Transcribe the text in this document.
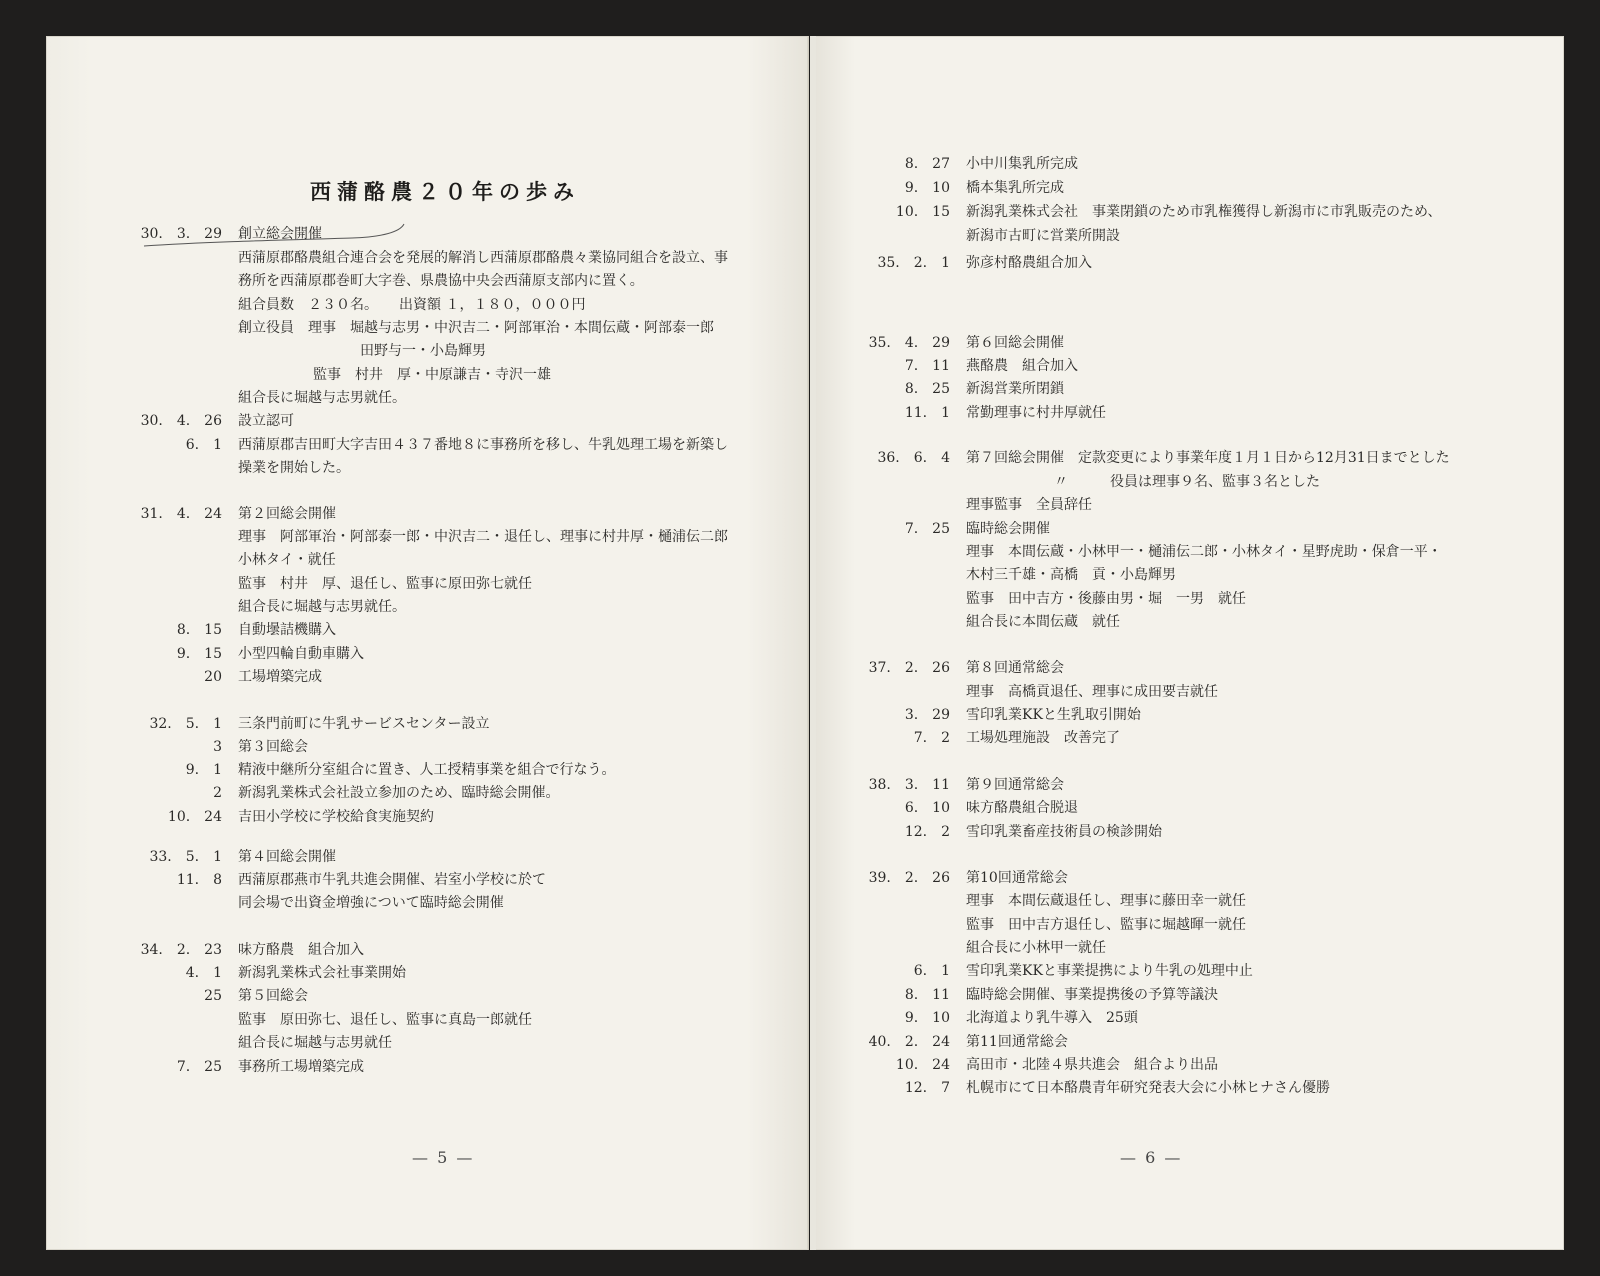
西蒲酪農２０年の歩み
30.　3.　29 創立総会開催
西蒲原郡酪農組合連合会を発展的解消し西蒲原郡酪農々業協同組合を設立、事
務所を西蒲原郡巻町大字巻、県農協中央会西蒲原支部内に置く。
組合員数　２３０名。　　出資額 １，１８０，０００円
創立役員　理事　堀越与志男・中沢吉二・阿部軍治・本間伝蔵・阿部泰一郎
田野与一・小島輝男
監事　村井　厚・中原謙吉・寺沢一雄
組合長に堀越与志男就任。
30.　4.　26 設立認可
6.　1 西蒲原郡吉田町大字吉田４３７番地８に事務所を移し、牛乳処理工場を新築し
操業を開始した。
31.　4.　24 第２回総会開催
理事　阿部軍治・阿部泰一郎・中沢吉二・退任し、理事に村井厚・樋浦伝二郎
小林タイ・就任
監事　村井　厚、退任し、監事に原田弥七就任
組合長に堀越与志男就任。
8.　15 自動壜詰機購入
9.　15 小型四輪自動車購入
20 工場増築完成
32.　5.　1 三条門前町に牛乳サービスセンター設立
3 第３回総会
9.　1 精液中継所分室組合に置き、人工授精事業を組合で行なう。
2 新潟乳業株式会社設立参加のため、臨時総会開催。
10.　24 吉田小学校に学校給食実施契約
33.　5.　1 第４回総会開催
11.　8 西蒲原郡燕市牛乳共進会開催、岩室小学校に於て
同会場で出資金増強について臨時総会開催
34.　2.　23 味方酪農　組合加入
4.　1 新潟乳業株式会社事業開始
25 第５回総会
監事　原田弥七、退任し、監事に真島一郎就任
組合長に堀越与志男就任
7.　25 事務所工場増築完成
— 5 —
8.　27 小中川集乳所完成
9.　10 橋本集乳所完成
10.　15 新潟乳業株式会社　事業閉鎖のため市乳権獲得し新潟市に市乳販売のため、
新潟市古町に営業所開設
35.　2.　1 弥彦村酪農組合加入
35.　4.　29 第６回総会開催
7.　11 燕酪農　組合加入
8.　25 新潟営業所閉鎖
11.　1 常勤理事に村井厚就任
36.　6.　4 第７回総会開催　定款変更により事業年度１月１日から12月31日までとした
〃　　　役員は理事９名、監事３名とした
理事監事　全員辞任
7.　25 臨時総会開催
理事　本間伝蔵・小林甲一・樋浦伝二郎・小林タイ・星野虎助・保倉一平・
木村三千雄・高橋　貢・小島輝男
監事　田中吉方・後藤由男・堀　一男　就任
組合長に本間伝蔵　就任
37.　2.　26 第８回通常総会
理事　高橋貢退任、理事に成田要吉就任
3.　29 雪印乳業KKと生乳取引開始
7.　2 工場処理施設　改善完了
38.　3.　11 第９回通常総会
6.　10 味方酪農組合脱退
12.　2 雪印乳業畜産技術員の検診開始
39.　2.　26 第10回通常総会
理事　本間伝蔵退任し、理事に藤田幸一就任
監事　田中吉方退任し、監事に堀越暉一就任
組合長に小林甲一就任
6.　1 雪印乳業KKと事業提携により牛乳の処理中止
8.　11 臨時総会開催、事業提携後の予算等議決
9.　10 北海道より乳牛導入　25頭
40.　2.　24 第11回通常総会
10.　24 高田市・北陸４県共進会　組合より出品
12.　7 札幌市にて日本酪農青年研究発表大会に小林ヒナさん優勝
— 6 —
